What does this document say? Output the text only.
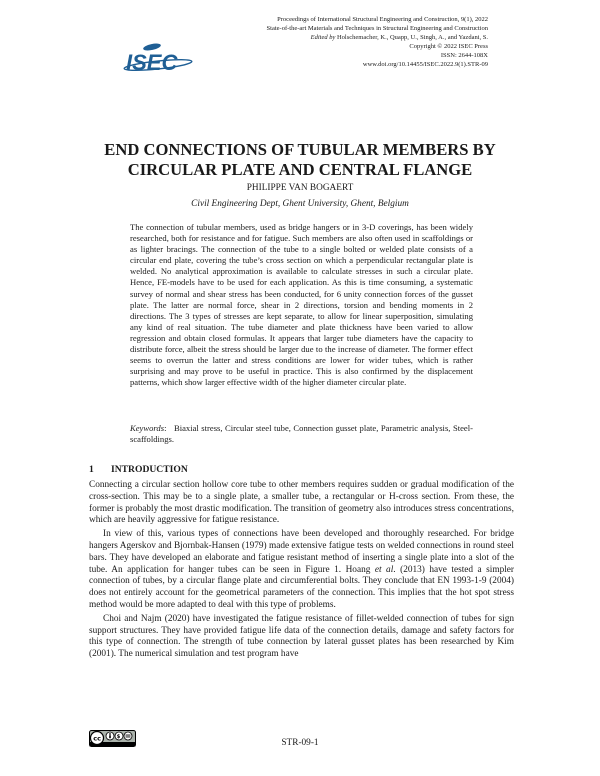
ISEC
Proceedings of International Structural Engineering and Construction, 9(1), 2022
State-of-the-art Materials and Techniques in Structural Engineering and Construction
Edited by Holschemacher, K., Quapp, U., Singh, A., and Yazdani, S.
Copyright © 2022 ISEC Press
ISSN: 2644-108X
www.doi.org/10.14455/ISEC.2022.9(1).STR-09
END CONNECTIONS OF TUBULAR MEMBERS BY CIRCULAR PLATE AND CENTRAL FLANGE
PHILIPPE VAN BOGAERT
Civil Engineering Dept, Ghent University, Ghent, Belgium

The connection of tubular members, used as bridge hangers or in 3-D coverings, has been widely researched, both for resistance and for fatigue. Such members are also often used in scaffoldings or as lighter bracings. The connection of the tube to a single bolted or welded plate consists of a circular end plate, covering the tube’s cross section on which a perpendicular rectangular plate is welded. No analytical approximation is available to calculate stresses in such a circular plate. Hence, FE-models have to be used for each application. As this is time consuming, a systematic survey of normal and shear stress has been conducted, for 6 unity connection forces of the gusset plate. The latter are normal force, shear in 2 directions, torsion and bending moments in 2 directions. The 3 types of stresses are kept separate, to allow for linear superposition, simulating any kind of real situation. The tube diameter and plate thickness have been varied to allow regression and obtain closed formulas. It appears that larger tube diameters have the capacity to distribute force, albeit the stress should be larger due to the increase of diameter. The former effect seems to overrun the latter and stress conditions are lower for wider tubes, which is rather surprising and may prove to be useful in practice. This is also confirmed by the displacement patterns, which show larger effective width of the higher diameter circular plate.

Keywords:   Biaxial stress, Circular steel tube, Connection gusset plate, Parametric analysis, Steel-scaffoldings.
1 INTRODUCTION

Connecting a circular section hollow core tube to other members requires sudden or gradual modification of the cross-section. This may be to a single plate, a smaller tube, a rectangular or H-cross section. From these, the former is probably the most drastic modification. The transition of geometry also introduces stress concentrations, which are heavily aggressive for fatigue resistance.

In view of this, various types of connections have been developed and thoroughly researched. For bridge hangers Agerskov and Bjornbak-Hansen (1979) made extensive fatigue tests on welded connections in round steel bars. They have developed an elaborate and fatigue resistant method of inserting a single plate into a slot of the tube. An application for hanger tubes can be seen in Figure 1. Hoang et al. (2013) have tested a simpler connection of tubes, by a circular flange plate and circumferential bolts. They conclude that EN 1993-1-9 (2004) does not entirely account for the geometrical parameters of the connection. This implies that the hot spot stress method would be more adapted to deal with this type of problems.

Choi and Najm (2020) have investigated the fatigue resistance of fillet-welded connection of tubes for sign support structures. They have provided fatigue life data of the connection details, damage and safety factors for this type of connection. The strength of tube connection by lateral gusset plates has been researched by Kim (2001). The numerical simulation and test program have

cc	$
STR-09-1
